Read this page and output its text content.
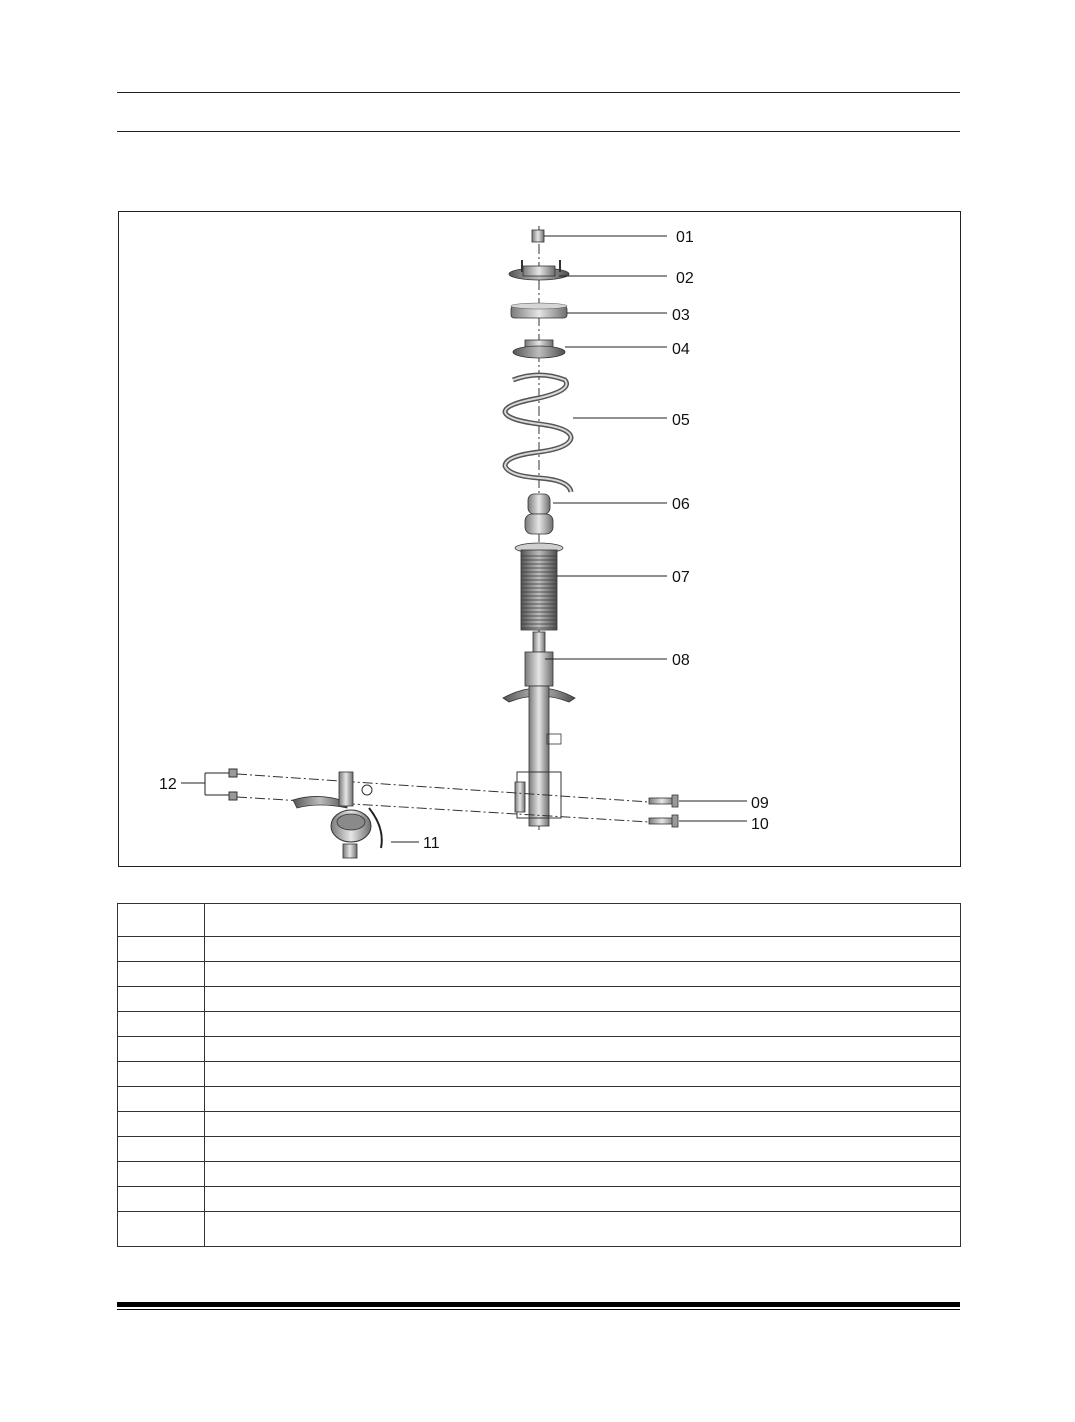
01
02
03
04
05
06
07
08
09
10
11
12
